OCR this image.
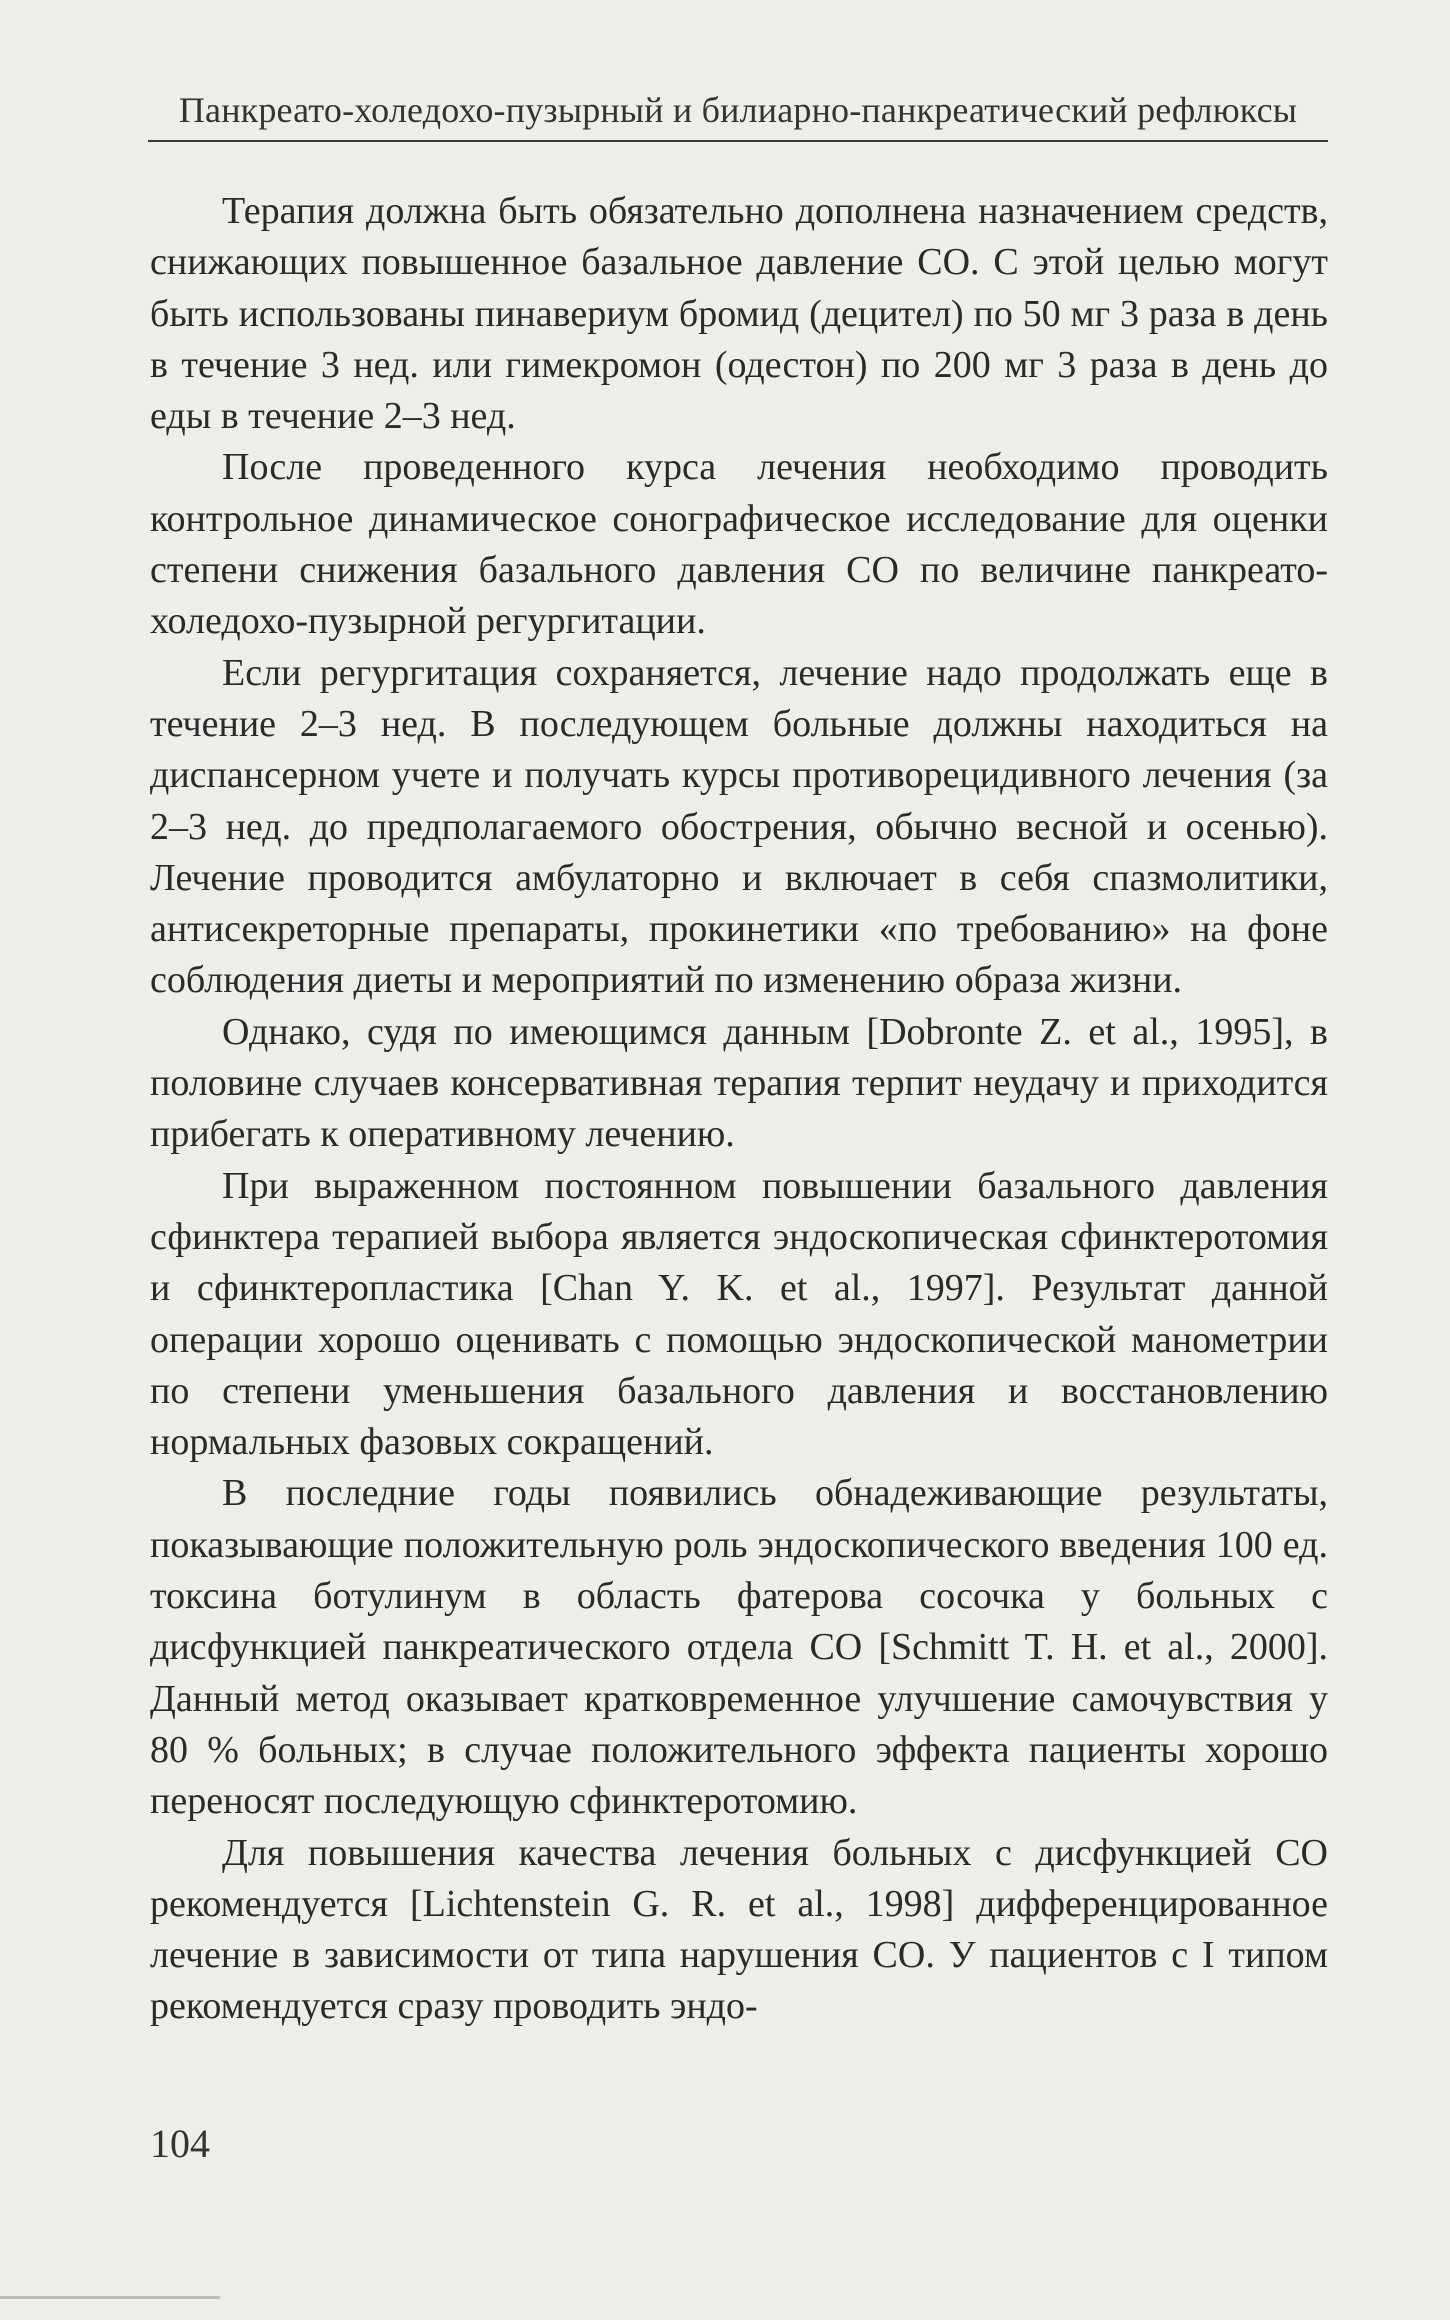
Панкреато-холедохо-пузырный и билиарно-панкреатический рефлюксы

Терапия должна быть обязательно дополнена назначением средств, снижающих повышенное базальное давление СО. С этой целью могут быть использованы пинавериум бромид (децител) по 50 мг 3 раза в день в течение 3 нед. или гимекромон (одестон) по 200 мг 3 раза в день до еды в течение 2–3 нед.

После проведенного курса лечения необходимо проводить контрольное динамическое сонографическое исследование для оценки степени снижения базального давления СО по величине панкреато-холедохо-пузырной регургитации.

Если регургитация сохраняется, лечение надо продолжать еще в течение 2–3 нед. В последующем больные должны находиться на диспансерном учете и получать курсы противорецидивного лечения (за 2–3 нед. до предполагаемого обострения, обычно весной и осенью). Лечение проводится амбулаторно и включает в себя спазмолитики, антисекреторные препараты, прокинетики «по требованию» на фоне соблюдения диеты и мероприятий по изменению образа жизни.

Однако, судя по имеющимся данным [Dobronte Z. et al., 1995], в половине случаев консервативная терапия терпит неудачу и приходится прибегать к оперативному лечению.

При выраженном постоянном повышении базального давления сфинктера терапией выбора является эндоскопическая сфинктеротомия и сфинктеропластика [Chan Y. K. et al., 1997]. Результат данной операции хорошо оценивать с помощью эндоскопической манометрии по степени уменьшения базального давления и восстановлению нормальных фазовых сокращений.

В последние годы появились обнадеживающие результаты, показывающие положительную роль эндоскопического введения 100 ед. токсина ботулинум в область фатерова сосочка у больных с дисфункцией панкреатического отдела СО [Schmitt T. H. et al., 2000]. Данный метод оказывает кратковременное улучшение самочувствия у 80 % больных; в случае положительного эффекта пациенты хорошо переносят последующую сфинктеротомию.

Для повышения качества лечения больных с дисфункцией СО рекомендуется [Lichtenstein G. R. et al., 1998] дифференцированное лечение в зависимости от типа нарушения СО. У пациентов с I типом рекомендуется сразу проводить эндо-

104
